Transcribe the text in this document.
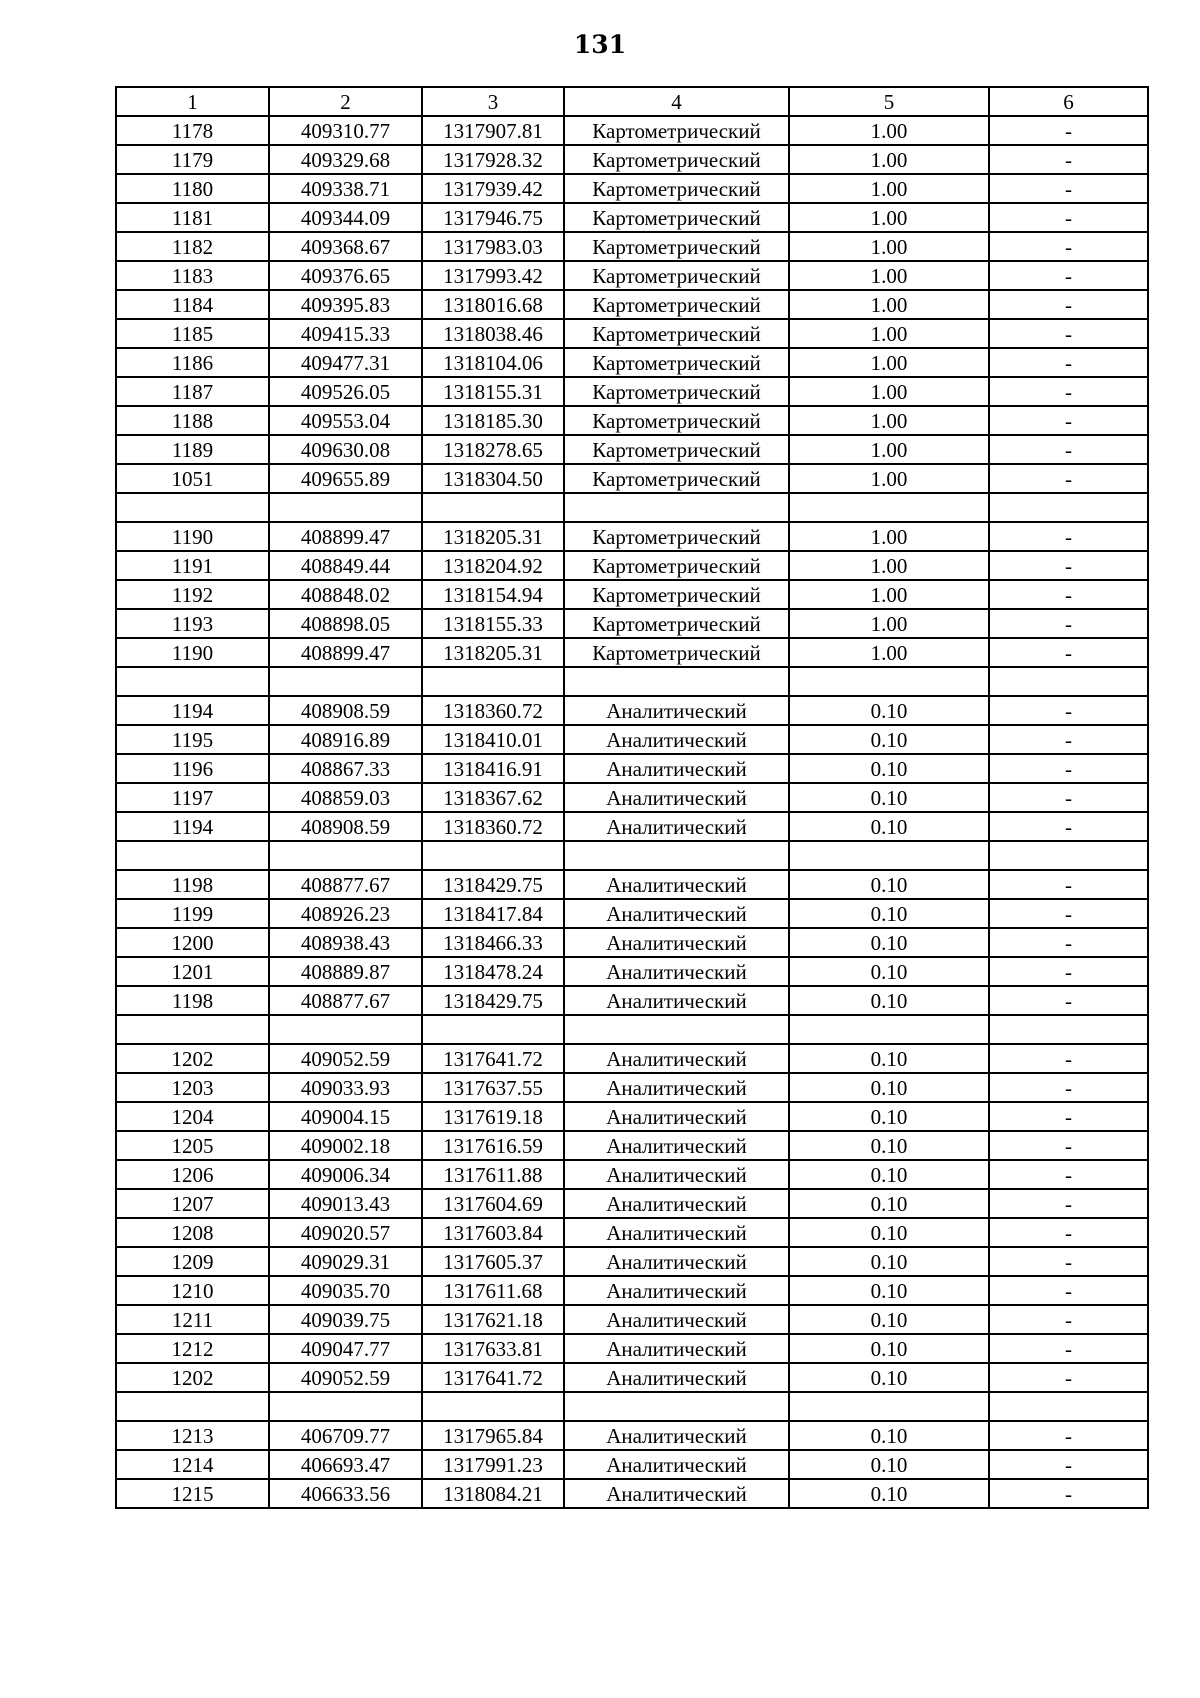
131
1	2	3	4	5	6
1178	409310.77	1317907.81	Картометрический	1.00	-
1179	409329.68	1317928.32	Картометрический	1.00	-
1180	409338.71	1317939.42	Картометрический	1.00	-
1181	409344.09	1317946.75	Картометрический	1.00	-
1182	409368.67	1317983.03	Картометрический	1.00	-
1183	409376.65	1317993.42	Картометрический	1.00	-
1184	409395.83	1318016.68	Картометрический	1.00	-
1185	409415.33	1318038.46	Картометрический	1.00	-
1186	409477.31	1318104.06	Картометрический	1.00	-
1187	409526.05	1318155.31	Картометрический	1.00	-
1188	409553.04	1318185.30	Картометрический	1.00	-
1189	409630.08	1318278.65	Картометрический	1.00	-
1051	409655.89	1318304.50	Картометрический	1.00	-

1190	408899.47	1318205.31	Картометрический	1.00	-
1191	408849.44	1318204.92	Картометрический	1.00	-
1192	408848.02	1318154.94	Картометрический	1.00	-
1193	408898.05	1318155.33	Картометрический	1.00	-
1190	408899.47	1318205.31	Картометрический	1.00	-

1194	408908.59	1318360.72	Аналитический	0.10	-
1195	408916.89	1318410.01	Аналитический	0.10	-
1196	408867.33	1318416.91	Аналитический	0.10	-
1197	408859.03	1318367.62	Аналитический	0.10	-
1194	408908.59	1318360.72	Аналитический	0.10	-

1198	408877.67	1318429.75	Аналитический	0.10	-
1199	408926.23	1318417.84	Аналитический	0.10	-
1200	408938.43	1318466.33	Аналитический	0.10	-
1201	408889.87	1318478.24	Аналитический	0.10	-
1198	408877.67	1318429.75	Аналитический	0.10	-

1202	409052.59	1317641.72	Аналитический	0.10	-
1203	409033.93	1317637.55	Аналитический	0.10	-
1204	409004.15	1317619.18	Аналитический	0.10	-
1205	409002.18	1317616.59	Аналитический	0.10	-
1206	409006.34	1317611.88	Аналитический	0.10	-
1207	409013.43	1317604.69	Аналитический	0.10	-
1208	409020.57	1317603.84	Аналитический	0.10	-
1209	409029.31	1317605.37	Аналитический	0.10	-
1210	409035.70	1317611.68	Аналитический	0.10	-
1211	409039.75	1317621.18	Аналитический	0.10	-
1212	409047.77	1317633.81	Аналитический	0.10	-
1202	409052.59	1317641.72	Аналитический	0.10	-

1213	406709.77	1317965.84	Аналитический	0.10	-
1214	406693.47	1317991.23	Аналитический	0.10	-
1215	406633.56	1318084.21	Аналитический	0.10	-
